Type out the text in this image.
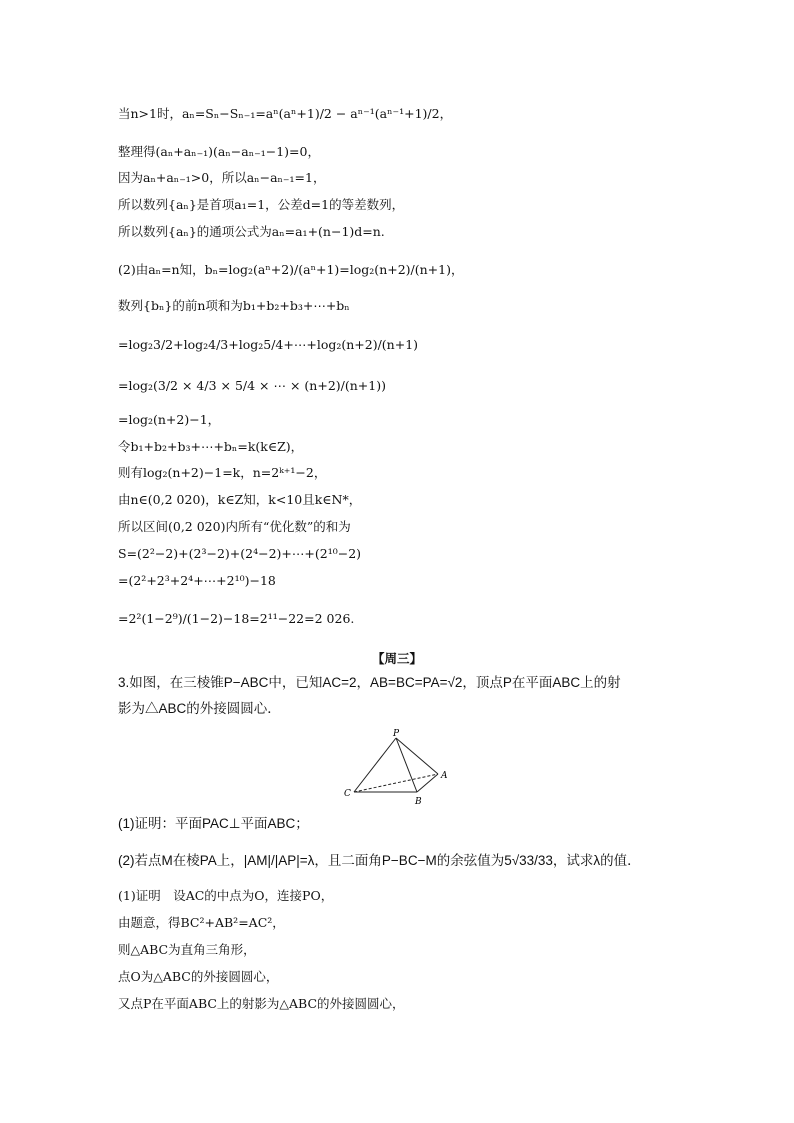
当n>1时，aₙ=Sₙ−Sₙ₋₁=aⁿ(aⁿ+1)/2 − aⁿ⁻¹(aⁿ⁻¹+1)/2，
整理得(aₙ+aₙ₋₁)(aₙ−aₙ₋₁−1)=0，
因为aₙ+aₙ₋₁>0，所以aₙ−aₙ₋₁=1，
所以数列{aₙ}是首项a₁=1，公差d=1的等差数列，
所以数列{aₙ}的通项公式为aₙ=a₁+(n−1)d=n.
(2)由aₙ=n知，bₙ=log₂(aⁿ+2)/(aⁿ+1)=log₂(n+2)/(n+1)，
数列{bₙ}的前n项和为b₁+b₂+b₃+⋯+bₙ
=log₂3/2+log₂4/3+log₂5/4+⋯+log₂(n+2)/(n+1)
=log₂(3/2 × 4/3 × 5/4 × ⋯ × (n+2)/(n+1))
=log₂(n+2)−1，
令b₁+b₂+b₃+⋯+bₙ=k(k∈Z)，
则有log₂(n+2)−1=k，n=2ᵏ⁺¹−2，
由n∈(0,2 020)，k∈Z知，k<10且k∈N*，
所以区间(0,2 020)内所有“优化数”的和为
S=(2²−2)+(2³−2)+(2⁴−2)+⋯+(2¹⁰−2)
=(2²+2³+2⁴+⋯+2¹⁰)−18
=2²(1−2⁹)/(1−2)−18=2¹¹−22=2 026.
【周三】
3.如图，在三棱锥P−ABC中，已知AC=2，AB=BC=PA=√2，顶点P在平面ABC上的射
影为△ABC的外接圆圆心．
P
A
B
C
(1)证明：平面PAC⊥平面ABC；
(2)若点M在棱PA上，|AM|/|AP|=λ，且二面角P−BC−M的余弦值为5√33/33，试求λ的值．
(1)证明　设AC的中点为O，连接PO，
由题意，得BC²+AB²=AC²，
则△ABC为直角三角形，
点O为△ABC的外接圆圆心，
又点P在平面ABC上的射影为△ABC的外接圆圆心，
